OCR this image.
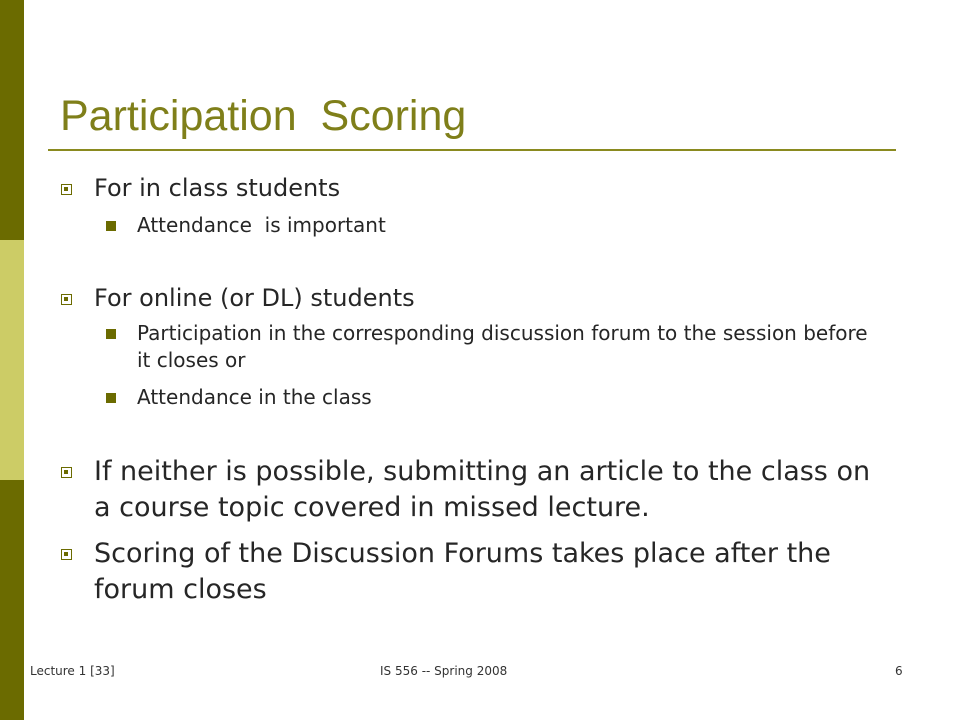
Participation  Scoring
For in class students
Attendance  is important
For online (or DL) students
Participation in the corresponding discussion forum to the session before it closes or
Attendance in the class
If neither is possible, submitting an article to the class on a course topic covered in missed lecture.
Scoring of the Discussion Forums takes place after the forum closes
Lecture 1 [33]	IS 556 -- Spring 2008	6
